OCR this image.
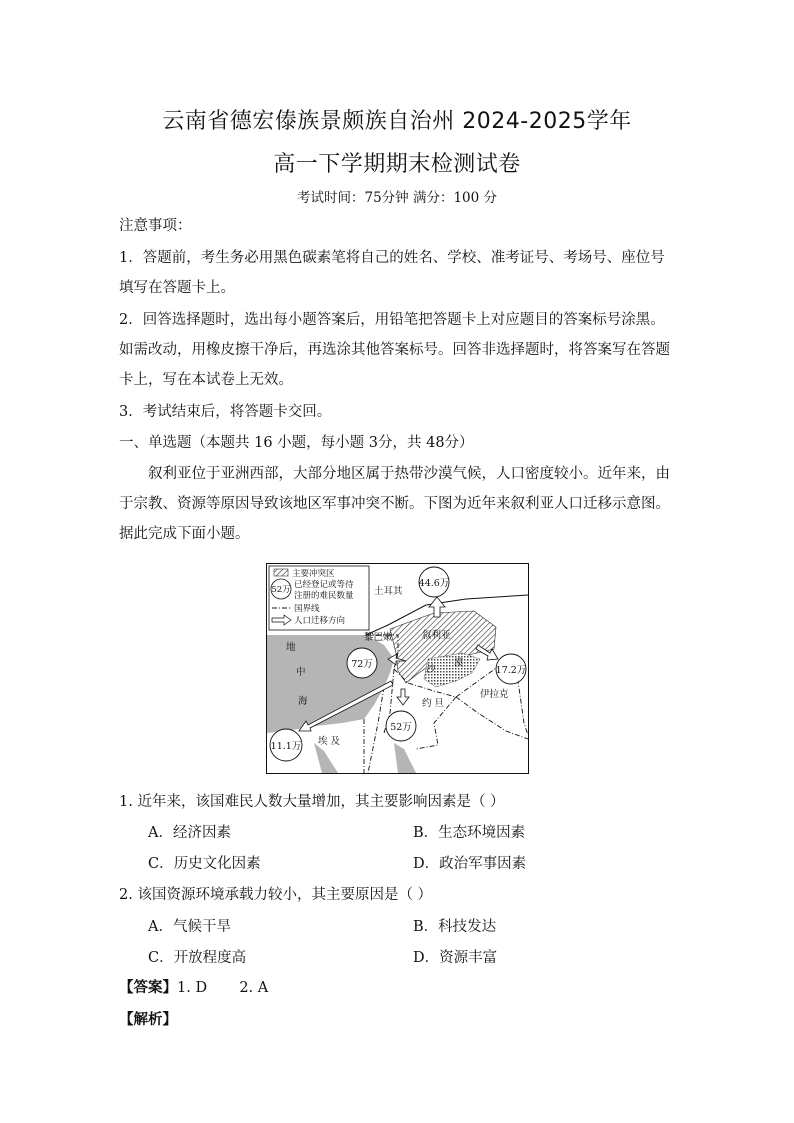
云南省德宏傣族景颇族自治州 2024-2025学年
高一下学期期末检测试卷
考试时间：75分钟 满分：100 分

注意事项：

1．答题前，考生务必用黑色碳素笔将自己的姓名、学校、准考证号、考场号、座位号填写在答题卡上。

2．回答选择题时，选出每小题答案后，用铅笔把答题卡上对应题目的答案标号涂黑。如需改动，用橡皮擦干净后，再选涂其他答案标号。回答非选择题时，将答案写在答题卡上，写在本试卷上无效。

3．考试结束后，将答题卡交回。

一、单选题（本题共 16 小题，每小题 3分，共 48分）

叙利亚位于亚洲西部，大部分地区属于热带沙漠气候，人口密度较小。近年来，由于宗教、资源等原因导致该地区军事冲突不断。下图为近年来叙利亚人口迁移示意图。据此完成下面小题。

主要冲突区
52万 已经登记或等待
注册的难民数量
国界线
人口迁移方向
44.6万
72万
17.2万
52万
11.1万
土耳其
黎巴嫩	叙利亚
地
中
海
沙
漠
约 旦
伊拉克
埃 及
1. 近年来，该国难民人数大量增加，其主要影响因素是（ ）
A．经济因素	B．生态环境因素
C．历史文化因素	D．政治军事因素
2. 该国资源环境承载力较小，其主要原因是（ ）
A．气候干旱	B．科技发达
C．开放程度高	D．资源丰富
【答案】1. D       2. A
【解析】
